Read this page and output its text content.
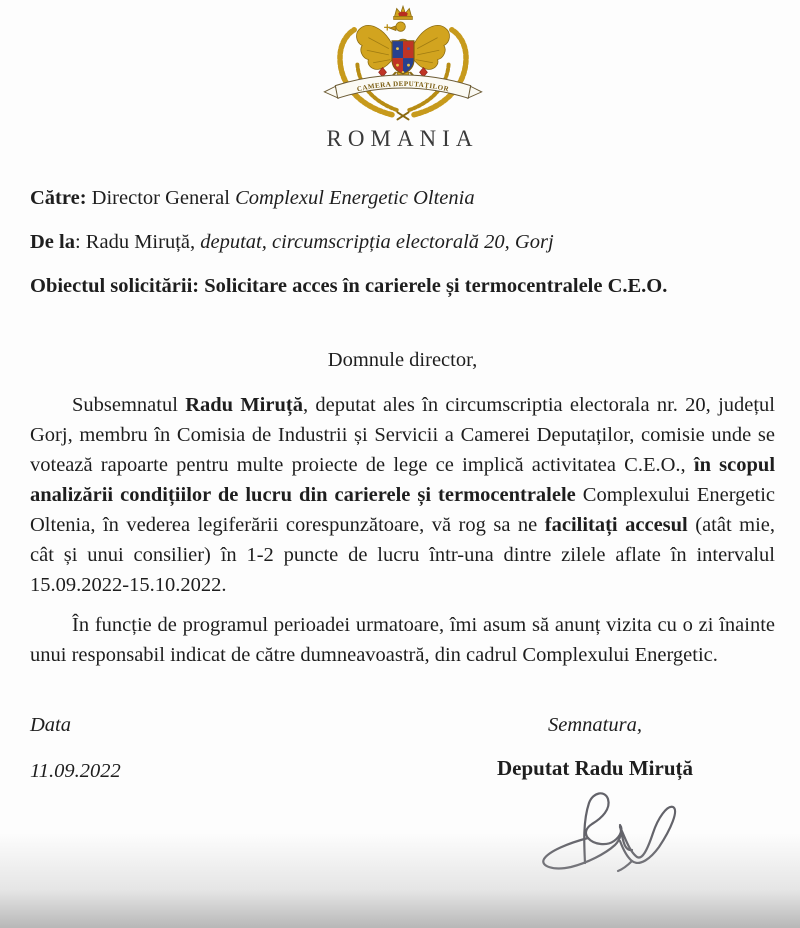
CAMERA DEPUTAȚILOR
ROMANIA
Către: Director General Complexul Energetic Oltenia
De la: Radu Miruță, deputat, circumscripția electorală 20, Gorj
Obiectul solicitării: Solicitare acces în carierele și termocentralele C.E.O.
Domnule director,

Subsemnatul Radu Miruță, deputat ales în circumscriptia electorala nr. 20, județul Gorj, membru în Comisia de Industrii și Servicii a Camerei Deputaților, comisie unde se votează rapoarte pentru multe proiecte de lege ce implică activitatea C.E.O., în scopul analizării condițiilor de lucru din carierele și termocentralele Complexului Energetic Oltenia, în vederea legiferării corespunzătoare, vă rog sa ne facilitați accesul (atât mie, cât și unui consilier) în 1-2 puncte de lucru într-una dintre zilele aflate în intervalul 15.09.2022-15.10.2022.

În funcție de programul perioadei urmatoare, îmi asum să anunț vizita cu o zi înainte unui responsabil indicat de către dumneavoastră, din cadrul Complexului Energetic.

Data
11.09.2022
Semnatura,
Deputat Radu Miruță
